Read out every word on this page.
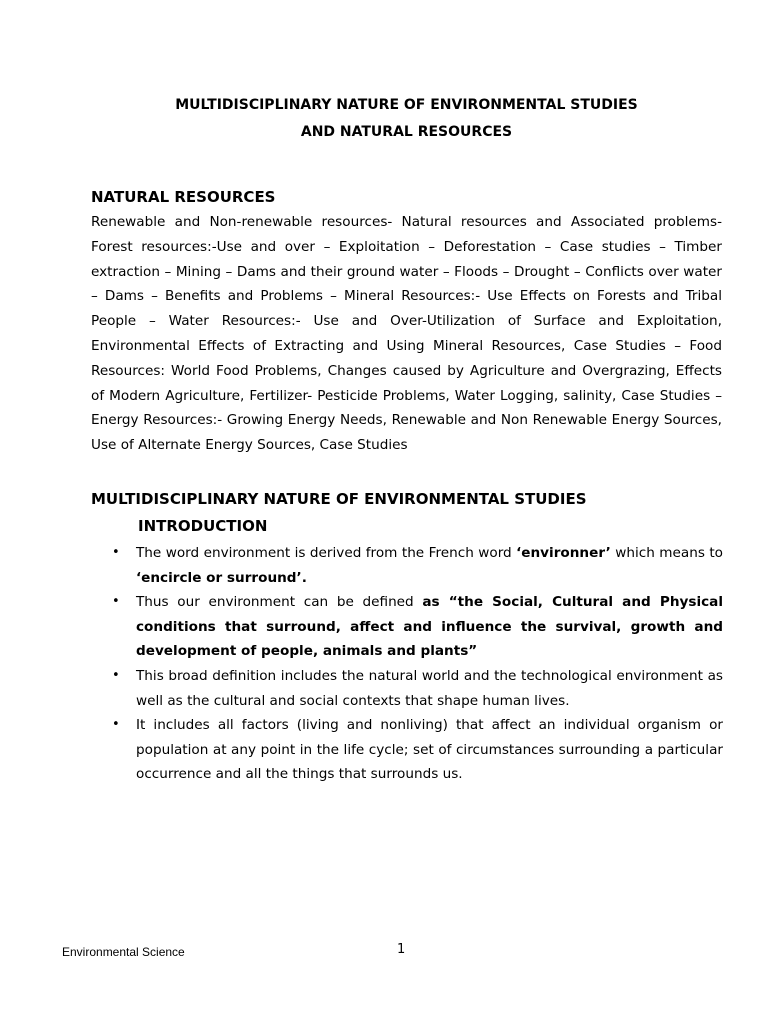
MULTIDISCIPLINARY NATURE OF ENVIRONMENTAL STUDIES
AND NATURAL RESOURCES
NATURAL RESOURCES

Renewable and Non-renewable resources- Natural resources and Associated problems- Forest resources:-Use and over – Exploitation – Deforestation – Case studies – Timber extraction – Mining – Dams and their ground water – Floods – Drought – Conflicts over water – Dams – Benefits and Problems – Mineral Resources:- Use Effects on Forests and Tribal People – Water Resources:- Use and Over-Utilization of Surface and Exploitation, Environmental Effects of Extracting and Using Mineral Resources, Case Studies – Food Resources: World Food Problems, Changes caused by Agriculture and Overgrazing, Effects of Modern Agriculture, Fertilizer- Pesticide Problems, Water Logging, salinity, Case Studies – Energy Resources:- Growing Energy Needs, Renewable and Non Renewable Energy Sources, Use of Alternate Energy Sources, Case Studies

MULTIDISCIPLINARY NATURE OF ENVIRONMENTAL STUDIES
INTRODUCTION
• The word environment is derived from the French word ‘environner’ which means to ‘encircle or surround’.
• Thus our environment can be defined as “the Social, Cultural and Physical conditions that surround, affect and influence the survival, growth and development of people, animals and plants”
• This broad definition includes the natural world and the technological environment as well as the cultural and social contexts that shape human lives.
• It includes all factors (living and nonliving) that affect an individual organism or population at any point in the life cycle; set of circumstances surrounding a particular occurrence and all the things that surrounds us.
Environmental Science	1
